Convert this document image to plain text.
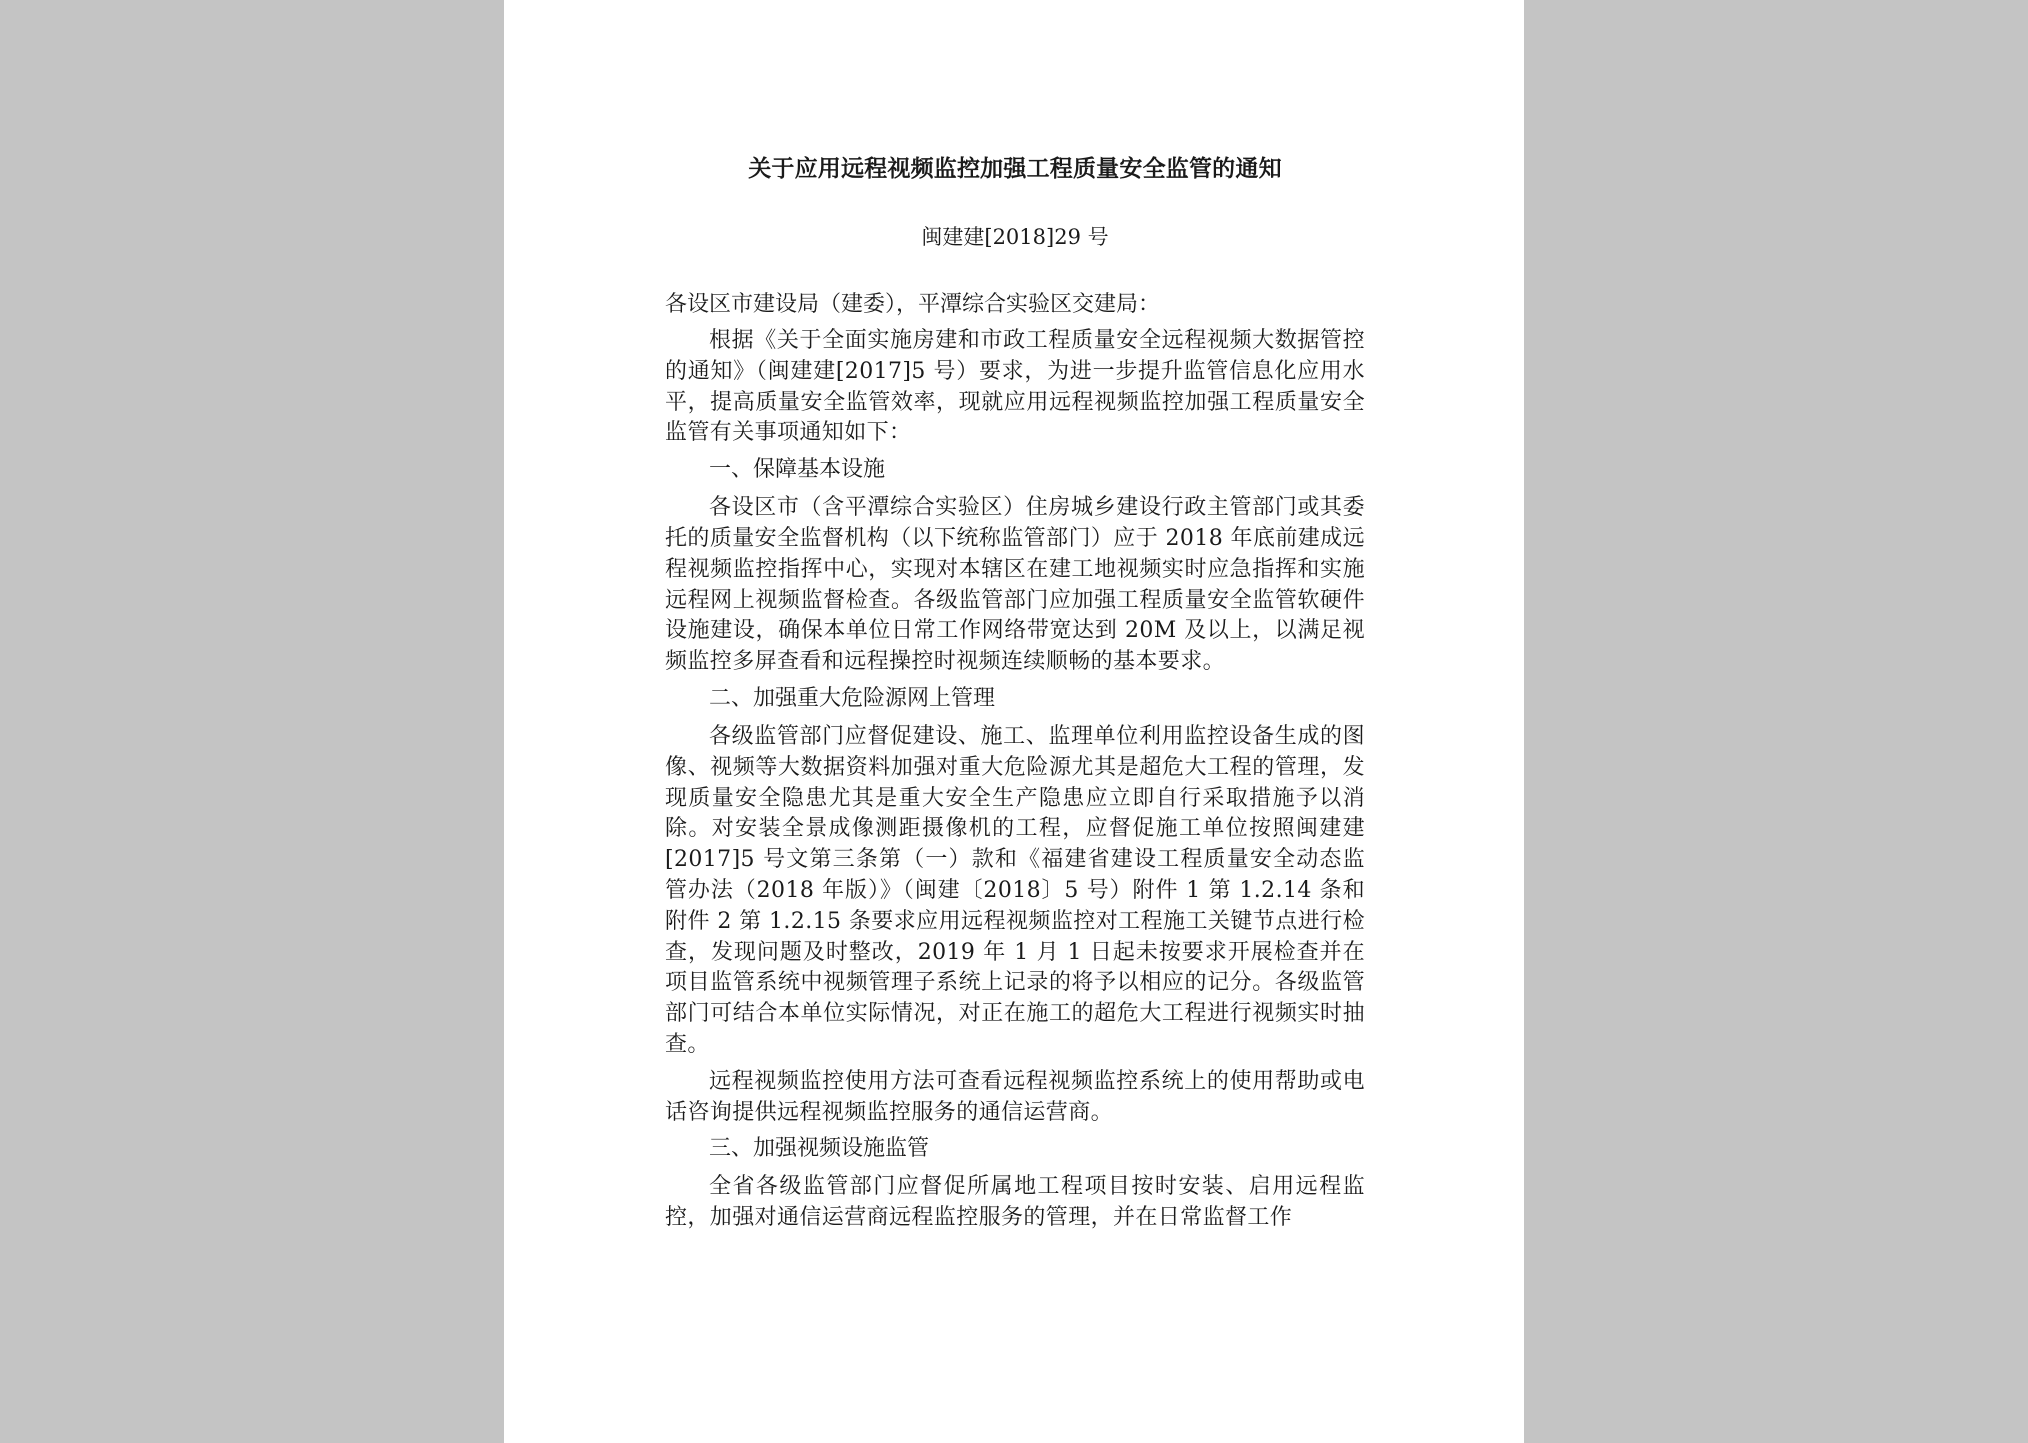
关于应用远程视频监控加强工程质量安全监管的通知
闽建建[2018]29 号
各设区市建设局（建委），平潭综合实验区交建局：
根据《关于全面实施房建和市政工程质量安全远程视频大数据管控的通知》（闽建建[2017]5 号）要求，为进一步提升监管信息化应用水平，提高质量安全监管效率，现就应用远程视频监控加强工程质量安全监管有关事项通知如下：
一、保障基本设施
各设区市（含平潭综合实验区）住房城乡建设行政主管部门或其委托的质量安全监督机构（以下统称监管部门）应于 2018 年底前建成远程视频监控指挥中心，实现对本辖区在建工地视频实时应急指挥和实施远程网上视频监督检查。各级监管部门应加强工程质量安全监管软硬件设施建设，确保本单位日常工作网络带宽达到 20M 及以上，以满足视频监控多屏查看和远程操控时视频连续顺畅的基本要求。
二、加强重大危险源网上管理
各级监管部门应督促建设、施工、监理单位利用监控设备生成的图像、视频等大数据资料加强对重大危险源尤其是超危大工程的管理，发现质量安全隐患尤其是重大安全生产隐患应立即自行采取措施予以消除。对安装全景成像测距摄像机的工程，应督促施工单位按照闽建建[2017]5 号文第三条第（一）款和《福建省建设工程质量安全动态监管办法（2018 年版）》（闽建〔2018〕5 号）附件 1 第 1.2.14 条和附件 2 第 1.2.15 条要求应用远程视频监控对工程施工关键节点进行检查，发现问题及时整改，2019 年 1 月 1 日起未按要求开展检查并在项目监管系统中视频管理子系统上记录的将予以相应的记分。各级监管部门可结合本单位实际情况，对正在施工的超危大工程进行视频实时抽查。
远程视频监控使用方法可查看远程视频监控系统上的使用帮助或电话咨询提供远程视频监控服务的通信运营商。
三、加强视频设施监管
全省各级监管部门应督促所属地工程项目按时安装、启用远程监控，加强对通信运营商远程监控服务的管理，并在日常监督工作
